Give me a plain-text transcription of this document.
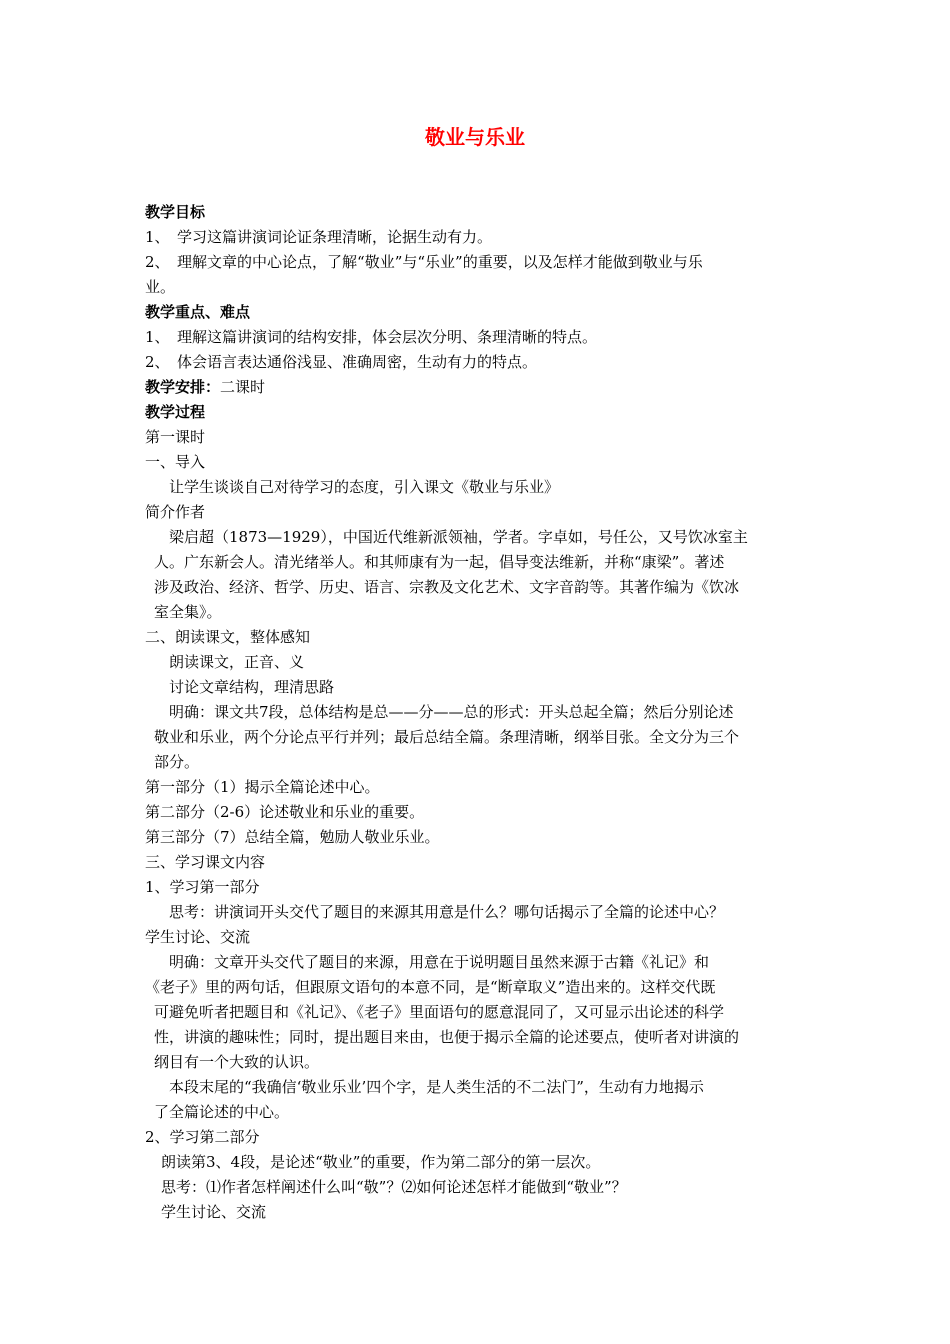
敬业与乐业
教学目标
1、　学习这篇讲演词论证条理清晰，论据生动有力。
2、　理解文章的中心论点，了解“敬业”与“乐业”的重要，以及怎样才能做到敬业与乐
业。
教学重点、难点
1、　理解这篇讲演词的结构安排，体会层次分明、条理清晰的特点。
2、　体会语言表达通俗浅显、准确周密，生动有力的特点。
教学安排：二课时
教学过程
第一课时
一、导入
让学生谈谈自己对待学习的态度，引入课文《敬业与乐业》
简介作者
梁启超（1873—1929），中国近代维新派领袖，学者。字卓如，号任公，又号饮冰室主
人。广东新会人。清光绪举人。和其师康有为一起，倡导变法维新，并称“康梁”。著述
涉及政治、经济、哲学、历史、语言、宗教及文化艺术、文字音韵等。其著作编为《饮冰
室全集》。
二、朗读课文，整体感知
朗读课文，正音、义
讨论文章结构，理清思路
明确：课文共7段，总体结构是总——分——总的形式：开头总起全篇；然后分别论述
敬业和乐业，两个分论点平行并列；最后总结全篇。条理清晰，纲举目张。全文分为三个
部分。
第一部分（1）揭示全篇论述中心。
第二部分（2-6）论述敬业和乐业的重要。
第三部分（7）总结全篇，勉励人敬业乐业。
三、学习课文内容
1、学习第一部分
思考：讲演词开头交代了题目的来源其用意是什么？哪句话揭示了全篇的论述中心？
学生讨论、交流
明确：文章开头交代了题目的来源，用意在于说明题目虽然来源于古籍《礼记》和
《老子》里的两句话，但跟原文语句的本意不同，是“断章取义”造出来的。这样交代既
可避免听者把题目和《礼记》、《老子》里面语句的愿意混同了，又可显示出论述的科学
性，讲演的趣味性；同时，提出题目来由，也便于揭示全篇的论述要点，使听者对讲演的
纲目有一个大致的认识。
本段末尾的“我确信‘敬业乐业’四个字，是人类生活的不二法门”，生动有力地揭示
了全篇论述的中心。
2、学习第二部分
朗读第3、4段，是论述“敬业”的重要，作为第二部分的第一层次。
思考：⑴作者怎样阐述什么叫“敬”？⑵如何论述怎样才能做到“敬业”？
学生讨论、交流
